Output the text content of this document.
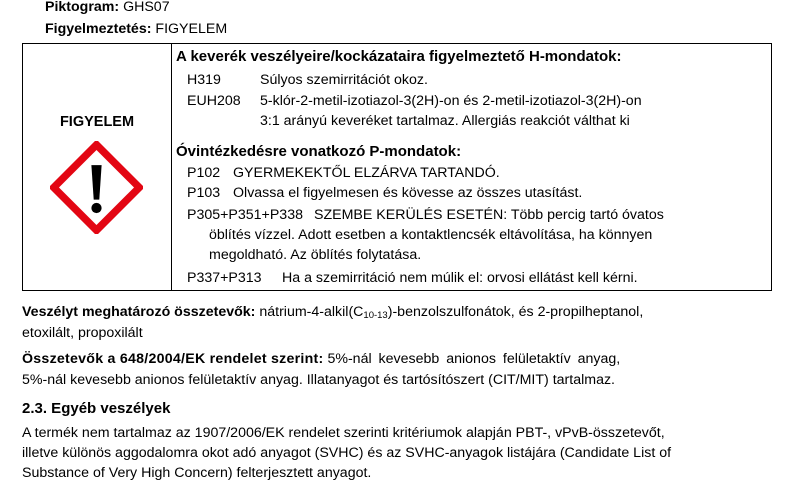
Piktogram: GHS07
Figyelmeztetés: FIGYELEM
FIGYELEM
A keverék veszélyeire/kockázataira figyelmeztető H-mondatok:
H319	Súlyos szemirritációt okoz.
EUH208 5-klór-2-metil-izotiazol-3(2H)-on és 2-metil-izotiazol-3(2H)-on
3:1 arányú keveréket tartalmaz. Allergiás reakciót válthat ki
Óvintézkedésre vonatkozó P-mondatok:
P102 GYERMEKEKTŐL ELZÁRVA TARTANDÓ.
P103 Olvassa el figyelmesen és kövesse az összes utasítást.
P305+P351+P338 SZEMBE KERÜLÉS ESETÉN: Több percig tartó óvatos
öblítés vízzel. Adott esetben a kontaktlencsék eltávolítása, ha könnyen
megoldható. Az öblítés folytatása.
P337+P313 Ha a szemirritáció nem múlik el: orvosi ellátást kell kérni.
Veszélyt meghatározó összetevők: nátrium-$4-alkil(C_{10-13})$-benzolszulfonátok, és 2-propilheptanol,
etoxilált, propoxilált
Összetevők a 648/2004/EK rendelet szerint: 5%-nál kevesebb anionos felületaktív anyag,
5%-nál kevesebb anionos felületaktív anyag. Illatanyagot és tartósítószert (CIT/MIT) tartalmaz.
2.3. Egyéb veszélyek
A termék nem tartalmaz az 1907/2006/EK rendelet szerinti kritériumok alapján PBT-, vPvB-összetevőt,
illetve különös aggodalomra okot adó anyagot (SVHC) és az SVHC-anyagok listájára (Candidate List of
Substance of Very High Concern) felterjesztett anyagot.
